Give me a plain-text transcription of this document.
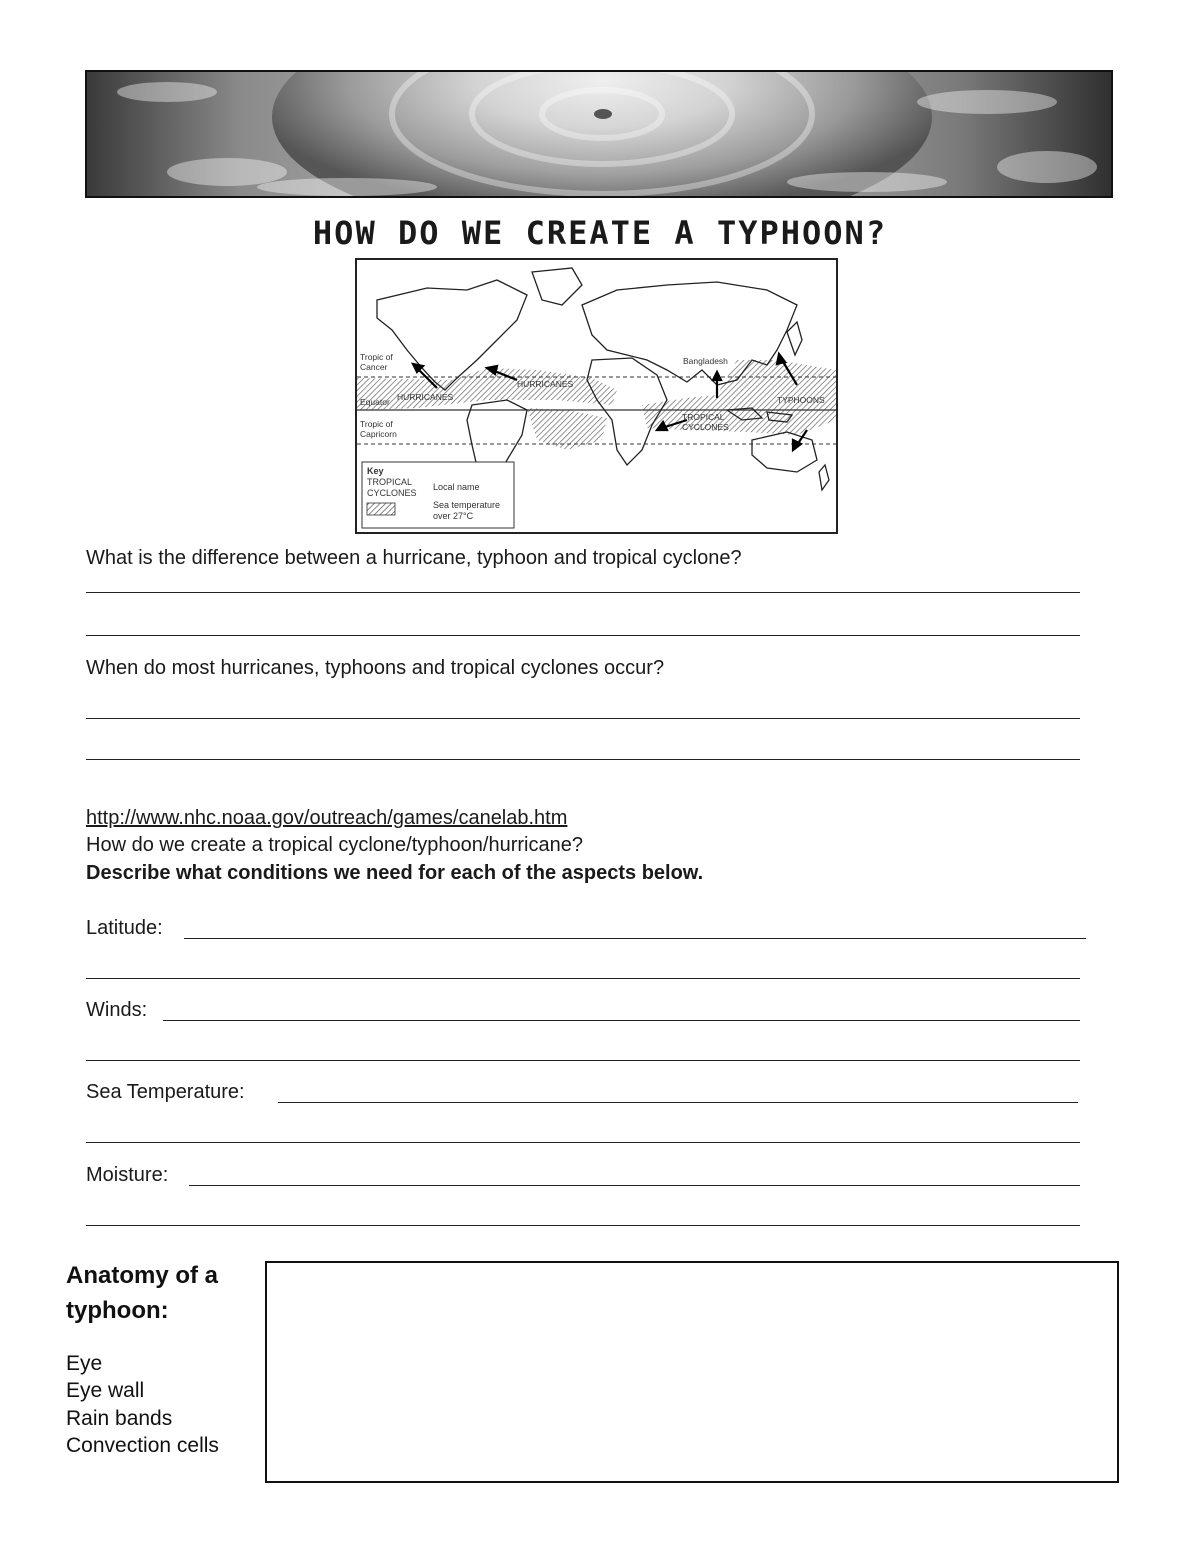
HOW DO WE CREATE A TYPHOON?
Tropic of
Cancer
Equator
Tropic of
Capricorn
HURRICANES
HURRICANES
Bangladesh
TYPHOONS
TROPICAL
CYCLONES
Key
TROPICAL
CYCLONES
Local name
Sea temperature
over 27°C
What is the difference between a hurricane, typhoon and tropical cyclone?
When do most hurricanes, typhoons and tropical cyclones occur?
http://www.nhc.noaa.gov/outreach/games/canelab.htm
How do we create a tropical cyclone/typhoon/hurricane?
Describe what conditions we need for each of the aspects below.
Latitude:
Winds:
Sea Temperature:
Moisture:
Anatomy of a
typhoon:
Eye
Eye wall
Rain bands
Convection cells
